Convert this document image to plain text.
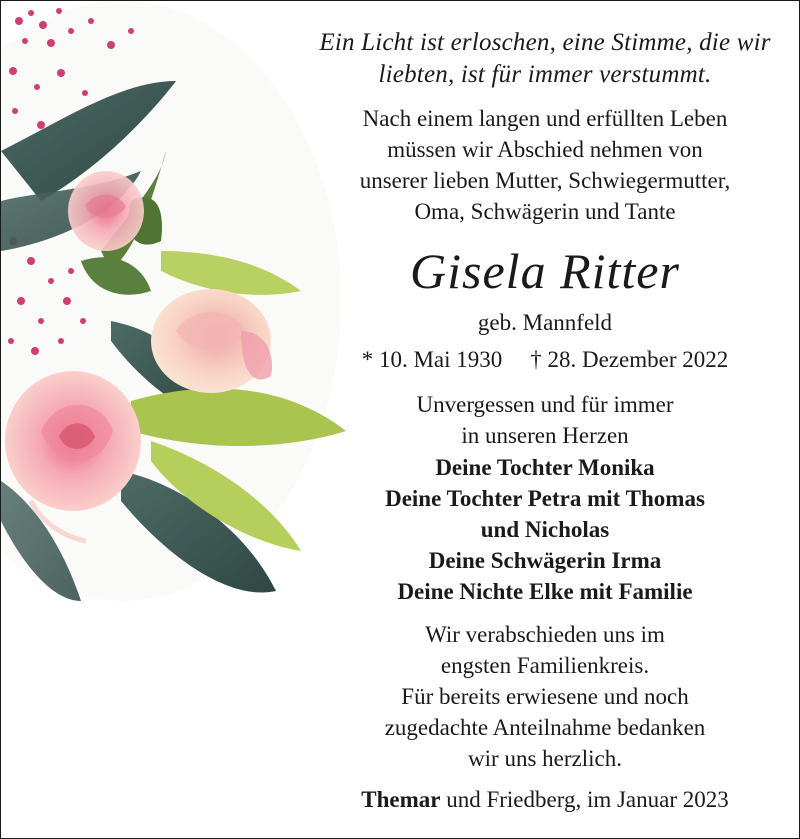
Ein Licht ist erloschen, eine Stimme, die wir
liebten, ist für immer verstummt.
Nach einem langen und erfüllten Leben
müssen wir Abschied nehmen von
unserer lieben Mutter, Schwiegermutter,
Oma, Schwägerin und Tante
Gisela Ritter
geb. Mannfeld
* 10. Mai 1930 † 28. Dezember 2022
Unvergessen und für immer
in unseren Herzen
Deine Tochter Monika
Deine Tochter Petra mit Thomas
und Nicholas
Deine Schwägerin Irma
Deine Nichte Elke mit Familie
Wir verabschieden uns im
engsten Familienkreis.
Für bereits erwiesene und noch
zugedachte Anteilnahme bedanken
wir uns herzlich.
Themar und Friedberg, im Januar 2023
